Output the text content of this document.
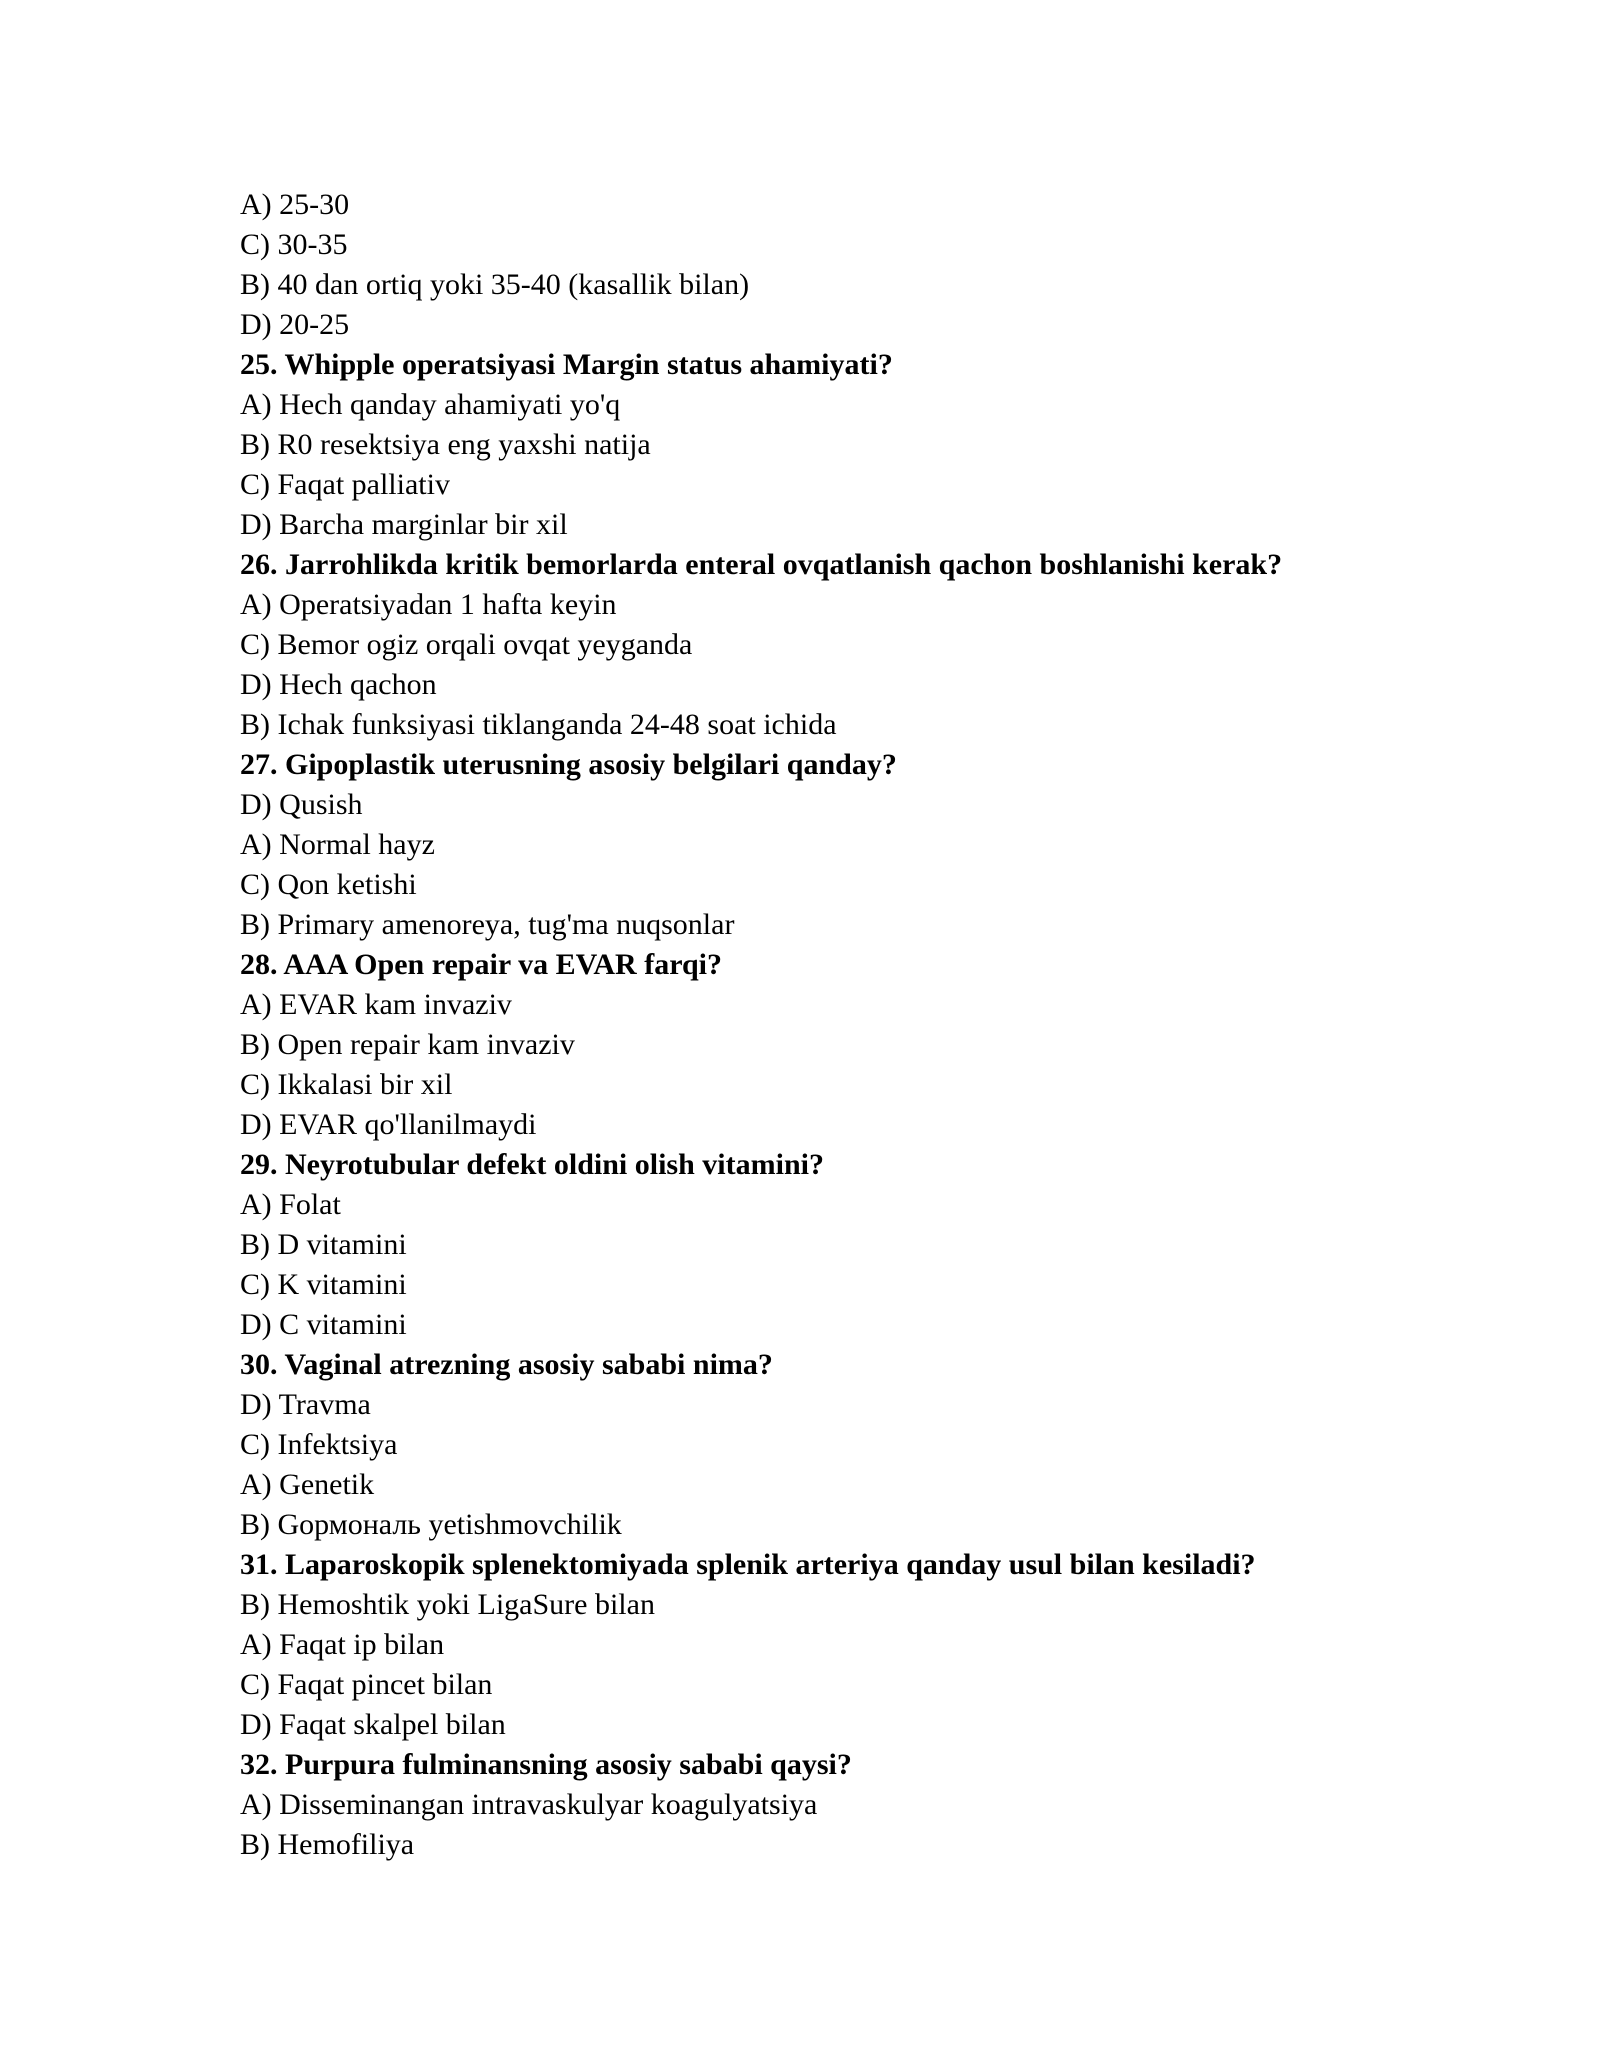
A) 25-30
C) 30-35
B) 40 dan ortiq yoki 35-40 (kasallik bilan)
D) 20-25
25. Whipple operatsiyasi Margin status ahamiyati?
A) Hech qanday ahamiyati yo'q
B) R0 resektsiya eng yaxshi natija
C) Faqat palliativ
D) Barcha marginlar bir xil
26. Jarrohlikda kritik bemorlarda enteral ovqatlanish qachon boshlanishi kerak?
A) Operatsiyadan 1 hafta keyin
C) Bemor ogiz orqali ovqat yeyganda
D) Hech qachon
B) Ichak funksiyasi tiklanganda 24-48 soat ichida
27. Gipoplastik uterusning asosiy belgilari qanday?
D) Qusish
A) Normal hayz
C) Qon ketishi
B) Primary amenoreya, tug'ma nuqsonlar
28. AAA Open repair va EVAR farqi?
A) EVAR kam invaziv
B) Open repair kam invaziv
C) Ikkalasi bir xil
D) EVAR qo'llanilmaydi
29. Neyrotubular defekt oldini olish vitamini?
A) Folat
B) D vitamini
C) K vitamini
D) C vitamini
30. Vaginal atrezning asosiy sababi nima?
D) Travma
C) Infektsiya
A) Genetik
B) Gормональ yetishmovchilik
31. Laparoskopik splenektomiyada splenik arteriya qanday usul bilan kesiladi?
B) Hemoshtik yoki LigaSure bilan
A) Faqat ip bilan
C) Faqat pincet bilan
D) Faqat skalpel bilan
32. Purpura fulminansning asosiy sababi qaysi?
A) Disseminangan intravaskulyar koagulyatsiya
B) Hemofiliya
